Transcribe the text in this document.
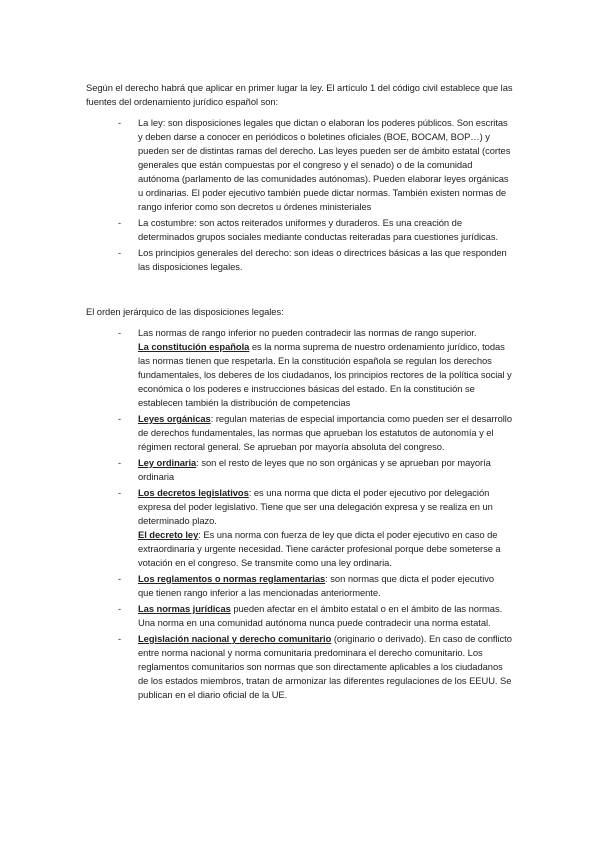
Según el derecho habrá que aplicar en primer lugar la ley. El artículo 1 del código civil establece que las fuentes del ordenamiento jurídico español son:

- La ley: son disposiciones legales que dictan o elaboran los poderes públicos. Son escritas y deben darse a conocer en periódicos o boletines oficiales (BOE, BOCAM, BOP…) y pueden ser de distintas ramas del derecho. Las leyes pueden ser de ámbito estatal (cortes generales que están compuestas por el congreso y el senado) o de la comunidad autónoma (parlamento de las comunidades autónomas). Pueden elaborar leyes orgánicas u ordinarias. El poder ejecutivo también puede dictar normas. También existen normas de rango inferior como son decretos u órdenes ministeriales
- La costumbre: son actos reiterados uniformes y duraderos. Es una creación de determinados grupos sociales mediante conductas reiteradas para cuestiones jurídicas.
- Los principios generales del derecho: son ideas o directrices básicas a las que responden las disposiciones legales.

El orden jerárquico de las disposiciones legales:

- Las normas de rango inferior no pueden contradecir las normas de rango superior.
La constitución española es la norma suprema de nuestro ordenamiento jurídico, todas las normas tienen que respetarla. En la constitución española se regulan los derechos fundamentales, los deberes de los ciudadanos, los principios rectores de la política social y económica o los poderes e instrucciones básicas del estado. En la constitución se establecen también la distribución de competencias
- Leyes orgánicas: regulan materias de especial importancia como pueden ser el desarrollo de derechos fundamentales, las normas que aprueban los estatutos de autonomía y el régimen rectoral general. Se aprueban por mayoría absoluta del congreso.
- Ley ordinaria: son el resto de leyes que no son orgánicas y se aprueban por mayoría ordinaria
- Los decretos legislativos: es una norma que dicta el poder ejecutivo por delegación expresa del poder legislativo. Tiene que ser una delegación expresa y se realiza en un determinado plazo.
El decreto ley: Es una norma con fuerza de ley que dicta el poder ejecutivo en caso de extraordinaria y urgente necesidad. Tiene carácter profesional porque debe someterse a votación en el congreso. Se transmite como una ley ordinaria.
- Los reglamentos o normas reglamentarias: son normas que dicta el poder ejecutivo que tienen rango inferior a las mencionadas anteriormente.
- Las normas jurídicas pueden afectar en el ámbito estatal o en el ámbito de las normas. Una norma en una comunidad autónoma nunca puede contradecir una norma estatal.
- Legislación nacional y derecho comunitario (originario o derivado). En caso de conflicto entre norma nacional y norma comunitaria predominara el derecho comunitario. Los reglamentos comunitarios son normas que son directamente aplicables a los ciudadanos de los estados miembros, tratan de armonizar las diferentes regulaciones de los EEUU. Se publican en el diario oficial de la UE.
